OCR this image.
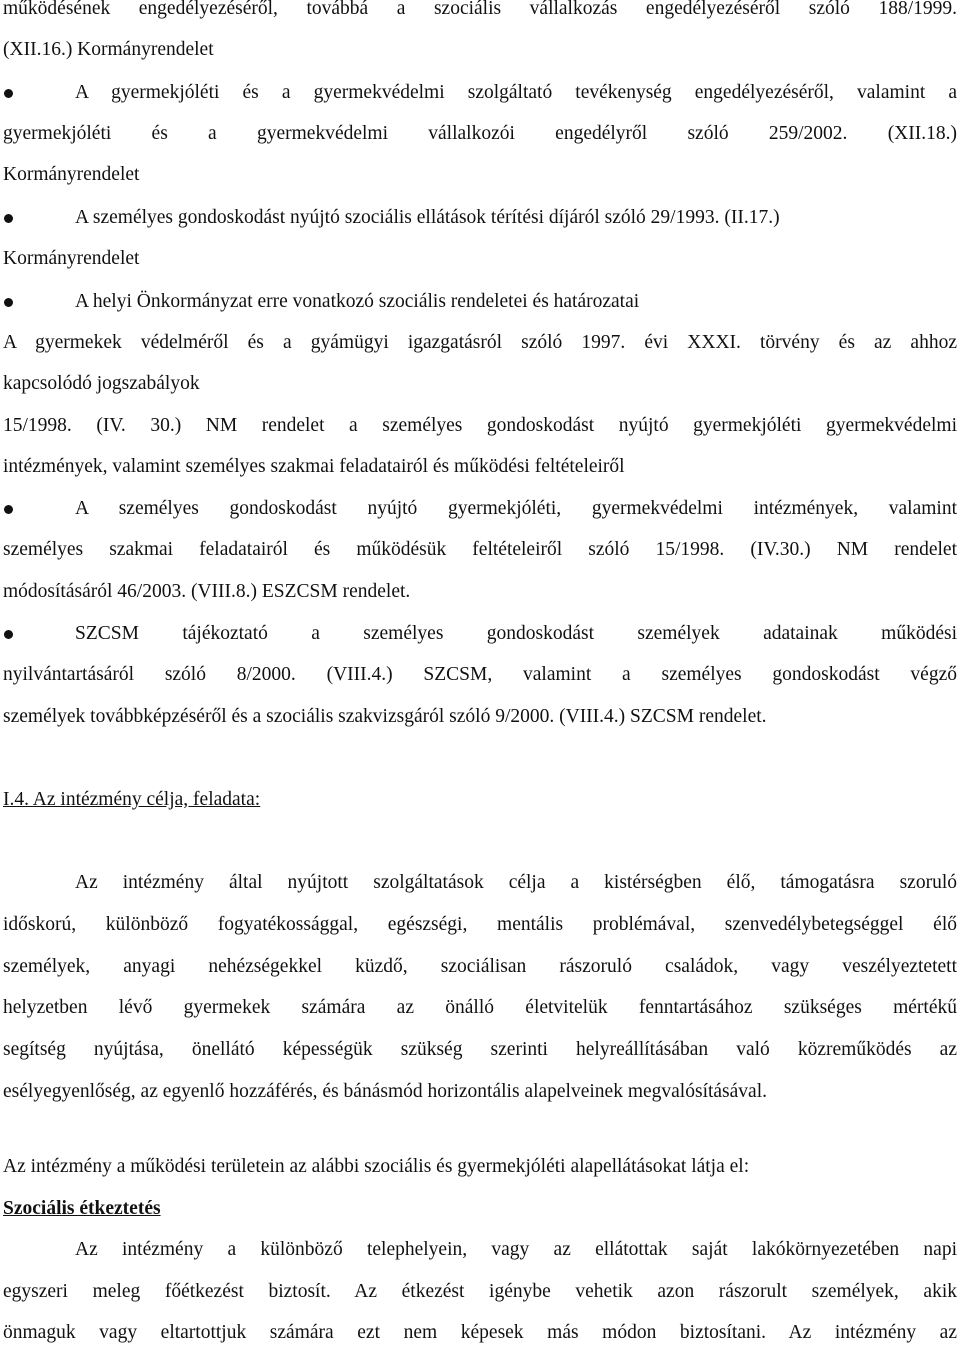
működésének engedélyezéséről, továbbá a szociális vállalkozás engedélyezéséről szóló 188/1999.
(XII.16.) Kormányrendelet
A gyermekjóléti és a gyermekvédelmi szolgáltató tevékenység engedélyezéséről, valamint a
gyermekjóléti és a gyermekvédelmi vállalkozói engedélyről szóló 259/2002. (XII.18.)
Kormányrendelet
A személyes gondoskodást nyújtó szociális ellátások térítési díjáról szóló 29/1993. (II.17.)
Kormányrendelet
A helyi Önkormányzat erre vonatkozó szociális rendeletei és határozatai
A gyermekek védelméről és a gyámügyi igazgatásról szóló 1997. évi XXXI. törvény és az ahhoz
kapcsolódó jogszabályok
15/1998. (IV. 30.) NM rendelet a személyes gondoskodást nyújtó gyermekjóléti gyermekvédelmi
intézmények, valamint személyes szakmai feladatairól és működési feltételeiről
A személyes gondoskodást nyújtó gyermekjóléti, gyermekvédelmi intézmények, valamint
személyes szakmai feladatairól és működésük feltételeiről szóló 15/1998. (IV.30.) NM rendelet
módosításáról 46/2003. (VIII.8.) ESZCSM rendelet.
SZCSM tájékoztató a személyes gondoskodást személyek adatainak működési
nyilvántartásáról szóló 8/2000. (VIII.4.) SZCSM, valamint a személyes gondoskodást végző
személyek továbbképzéséről és a szociális szakvizsgáról szóló 9/2000. (VIII.4.) SZCSM rendelet.
I.4. Az intézmény célja, feladata:
Az intézmény által nyújtott szolgáltatások célja a kistérségben élő, támogatásra szoruló
időskorú, különböző fogyatékossággal, egészségi, mentális problémával, szenvedélybetegséggel élő
személyek, anyagi nehézségekkel küzdő, szociálisan rászoruló családok, vagy veszélyeztetett
helyzetben lévő gyermekek számára az önálló életvitelük fenntartásához szükséges mértékű
segítség nyújtása, önellátó képességük szükség szerinti helyreállításában való közreműködés az
esélyegyenlőség, az egyenlő hozzáférés, és bánásmód horizontális alapelveinek megvalósításával.
Az intézmény a működési területein az alábbi szociális és gyermekjóléti alapellátásokat látja el:
Szociális étkeztetés
Az intézmény a különböző telephelyein, vagy az ellátottak saját lakókörnyezetében napi
egyszeri meleg főétkezést biztosít. Az étkezést igénybe vehetik azon rászorult személyek, akik
önmaguk vagy eltartottjuk számára ezt nem képesek más módon biztosítani. Az intézmény az
